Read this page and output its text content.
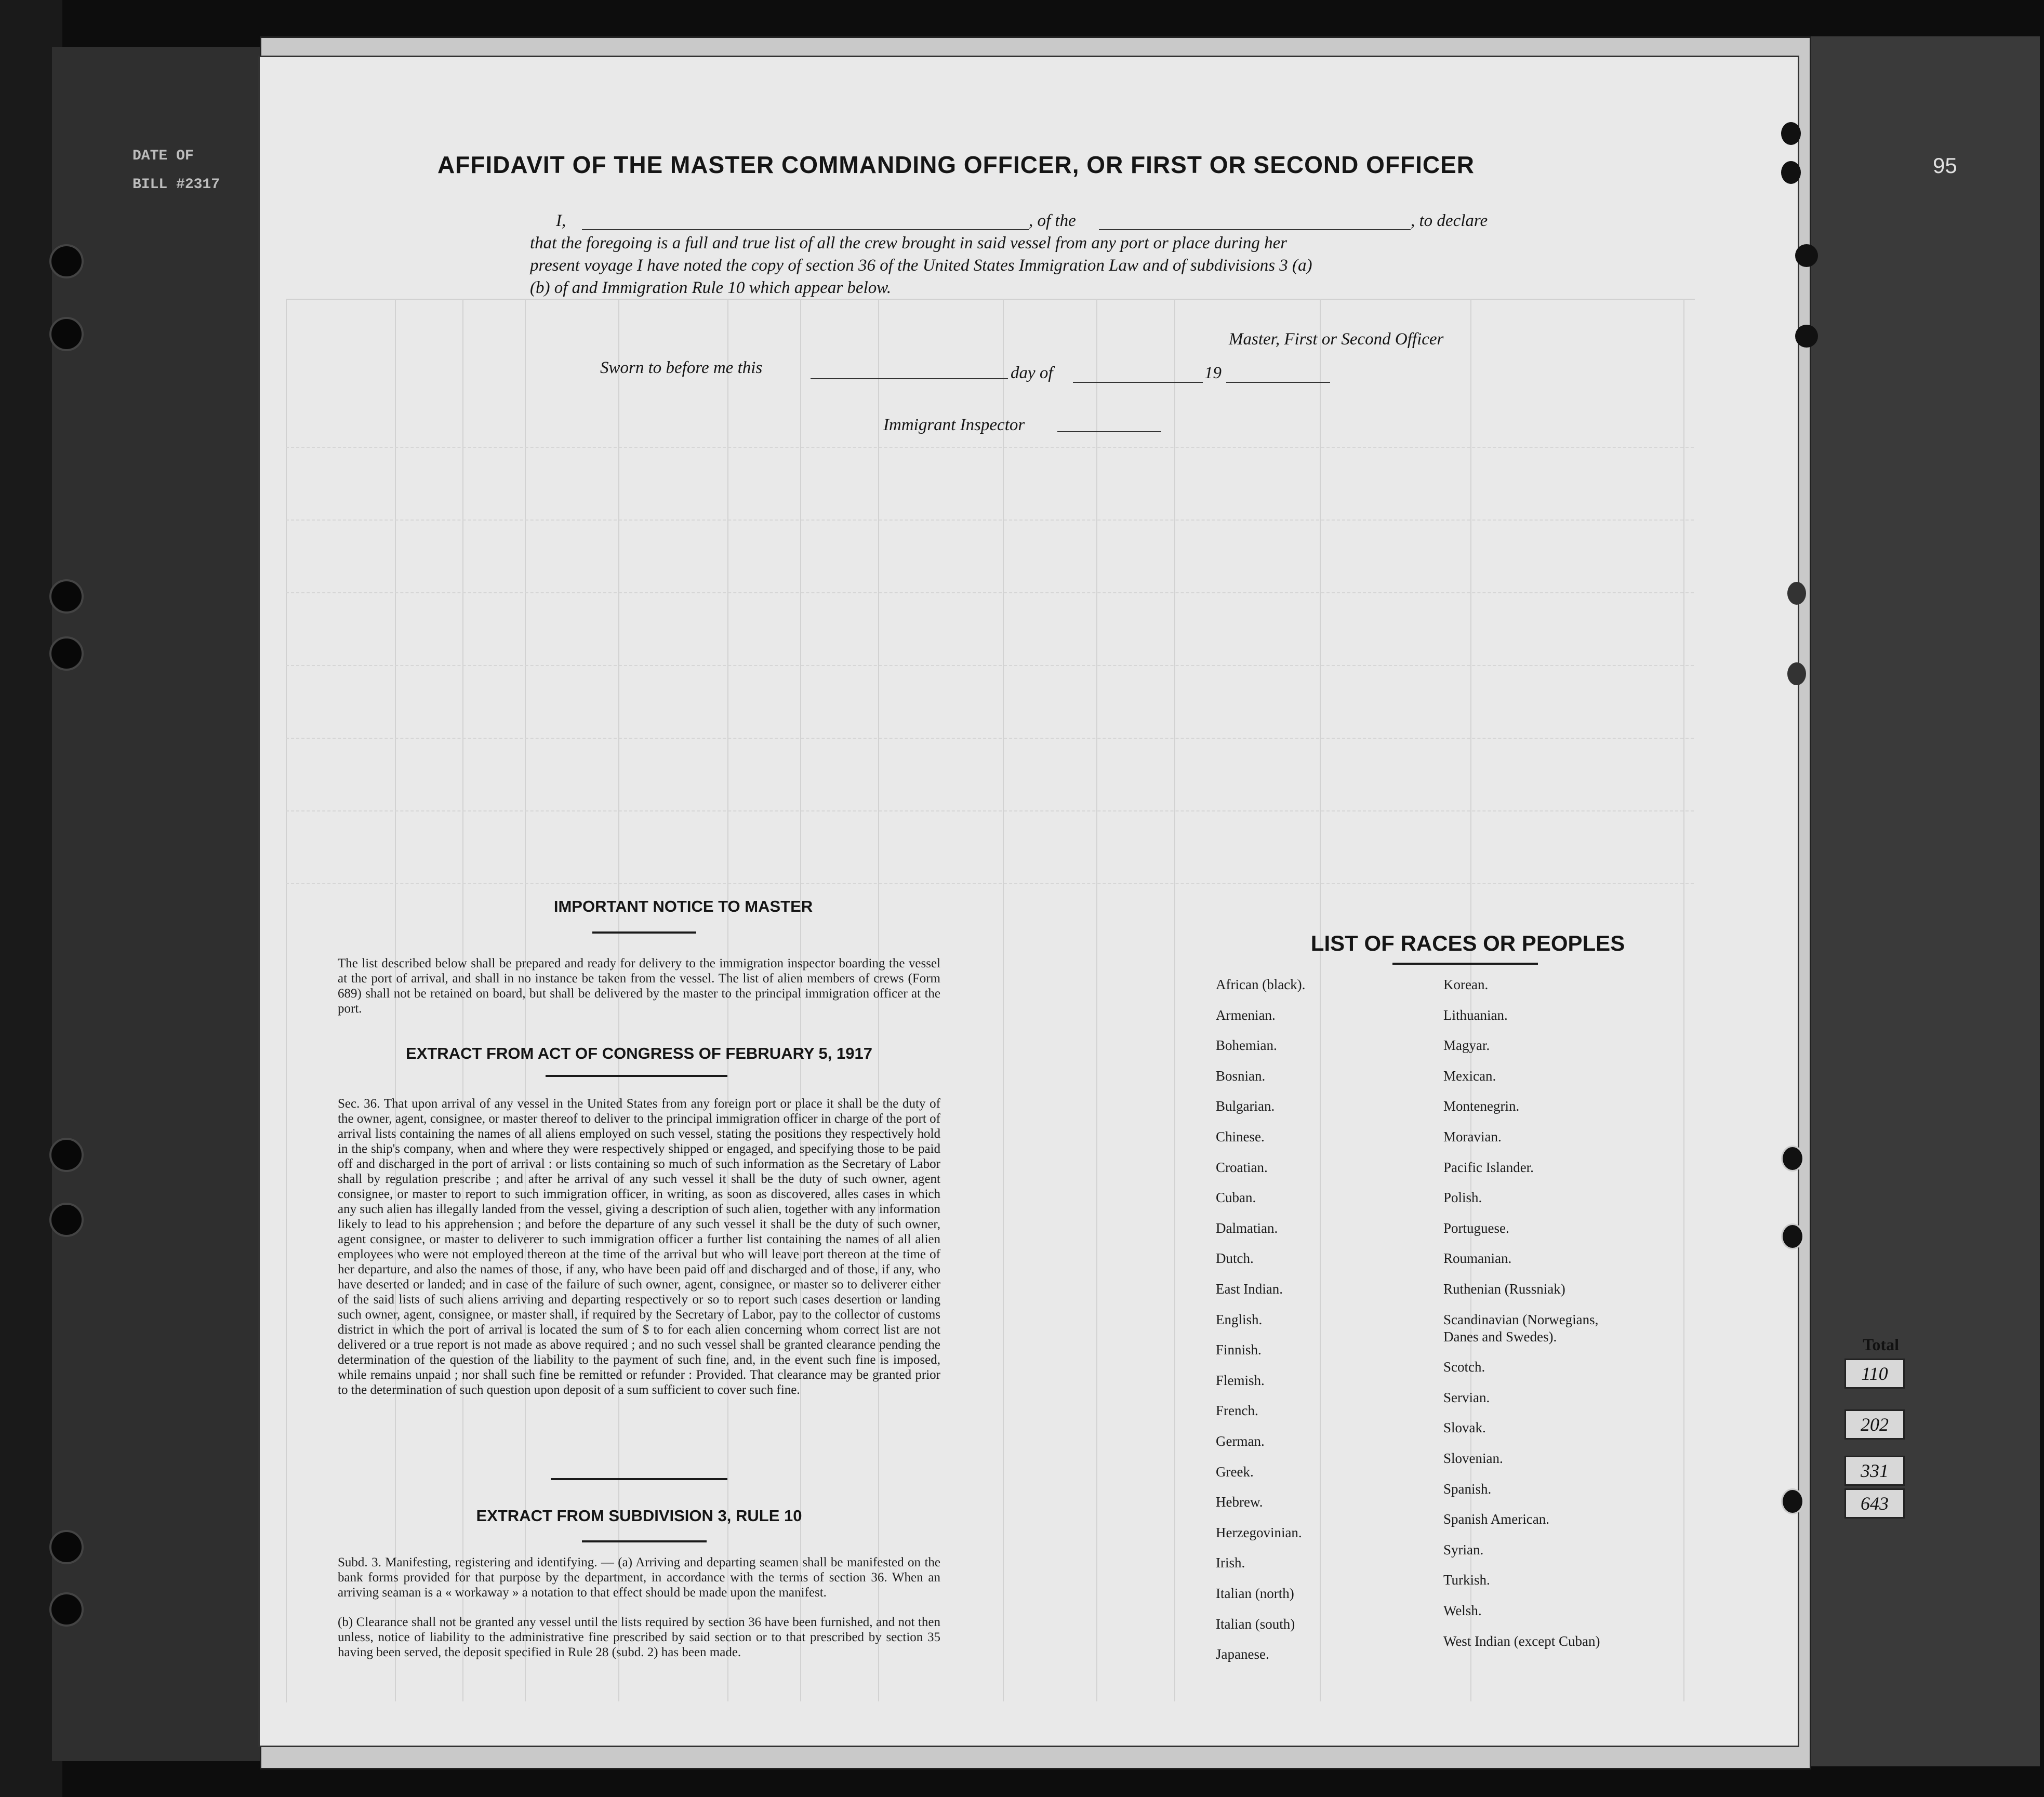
DATE OF
BILL #2317
95
AFFIDAVIT OF THE MASTER COMMANDING OFFICER, OR FIRST OR SECOND OFFICER
I,	, of the	, to declare
that the foregoing is a full and true list of all the crew brought in said vessel from any port or place during her
present voyage I have noted the copy of section 36 of the United States Immigration Law and of subdivisions 3 (a)
(b) of and Immigration Rule 10 which appear below.
Master, First or Second Officer
Sworn to before me this	day of	19
Immigrant Inspector
IMPORTANT NOTICE TO MASTER
The list described below shall be prepared and ready for delivery to the immigration inspector boarding the vessel at the port of arrival, and shall in no instance be taken from the vessel. The list of alien members of crews (Form 689) shall not be retained on board, but shall be delivered by the master to the principal immigration officer at the port.
EXTRACT FROM ACT OF CONGRESS OF FEBRUARY 5, 1917
Sec. 36. That upon arrival of any vessel in the United States from any foreign port or place it shall be the duty of the owner, agent, consignee, or master thereof to deliver to the principal immigration officer in charge of the port of arrival lists containing the names of all aliens employed on such vessel, stating the positions they respectively hold in the ship's company, when and where they were respectively shipped or engaged, and specifying those to be paid off and discharged in the port of arrival : or lists containing so much of such information as the Secretary of Labor shall by regulation prescribe ; and after he arrival of any such vessel it shall be the duty of such owner, agent consignee, or master to report to such immigration officer, in writing, as soon as discovered, alles cases in which any such alien has illegally landed from the vessel, giving a description of such alien, together with any information likely to lead to his apprehension ; and before the departure of any such vessel it shall be the duty of such owner, agent consignee, or master to deliverer to such immigration officer a further list containing the names of all alien employees who were not employed thereon at the time of the arrival but who will leave port thereon at the time of her departure, and also the names of those, if any, who have been paid off and discharged and of those, if any, who have deserted or landed; and in case of the failure of such owner, agent, consignee, or master so to deliverer either of the said lists of such aliens arriving and departing respectively or so to report such cases desertion or landing such owner, agent, consignee, or master shall, if required by the Secretary of Labor, pay to the collector of customs district in which the port of arrival is located the sum of $ to for each alien concerning whom correct list are not delivered or a true report is not made as above required ; and no such vessel shall be granted clearance pending the determination of the question of the liability to the payment of such fine, and, in the event such fine is imposed, while remains unpaid ; nor shall such fine be remitted or refunder : Provided. That clearance may be granted prior to the determination of such question upon deposit of a sum sufficient to cover such fine.
EXTRACT FROM SUBDIVISION 3, RULE 10
Subd. 3. Manifesting, registering and identifying. — (a) Arriving and departing seamen shall be manifested on the bank forms provided for that purpose by the department, in accordance with the terms of section 36. When an arriving seaman is a « workaway » a notation to that effect should be made upon the manifest.
(b) Clearance shall not be granted any vessel until the lists required by section 36 have been furnished, and not then unless, notice of liability to the administrative fine prescribed by said section or to that prescribed by section 35 having been served, the deposit specified in Rule 28 (subd. 2) has been made.
LIST OF RACES OR PEOPLES
African (black).
Armenian.
Bohemian.
Bosnian.
Bulgarian.
Chinese.
Croatian.
Cuban.
Dalmatian.
Dutch.
East Indian.
English.
Finnish.
Flemish.
French.
German.
Greek.
Hebrew.
Herzegovinian.
Irish.
Italian (north)
Italian (south)
Japanese.
Korean.
Lithuanian.
Magyar.
Mexican.
Montenegrin.
Moravian.
Pacific Islander.
Polish.
Portuguese.
Roumanian.
Ruthenian (Russniak)
Scandinavian (Norwegians,
Danes and Swedes).
Scotch.
Servian.
Slovak.
Slovenian.
Spanish.
Spanish American.
Syrian.
Turkish.
Welsh.
West Indian (except Cuban)
Total
110
202
331
643
